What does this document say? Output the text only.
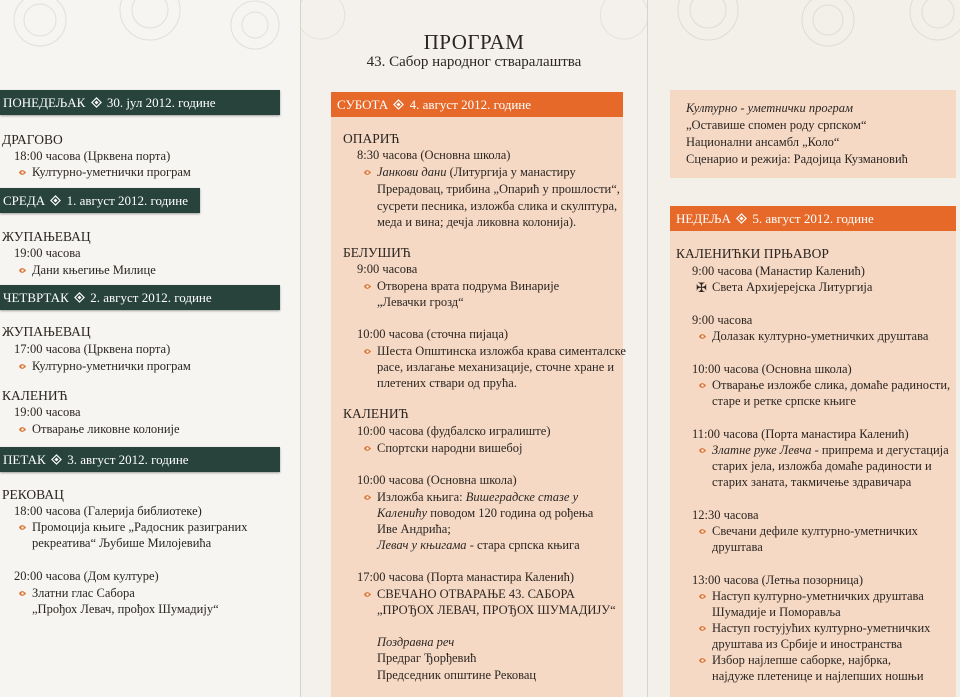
ПОНЕДЕЉАК 30. јул 2012. године
ДРАГОВО
18:00 часова (Црквена порта)
Културно-уметнички програм
СРЕДА 1. август 2012. године
ЖУПАЊЕВАЦ
19:00 часова
Дани књегиње Милице
ЧЕТВРТАК 2. август 2012. године
ЖУПАЊЕВАЦ
17:00 часова (Црквена порта)
Културно-уметнички програм
КАЛЕНИЋ
19:00 часова
Отварање ликовне колоније
ПЕТАК 3. август 2012. године
РЕКОВАЦ
18:00 часова (Галерија библиотеке)
Промоција књиге „Радосник разиграних
рекреатива“ Љубише Милојевића
20:00 часова (Дом културе)
Златни глас Сабора
„Прођох Левач, прођох Шумадију“
ПРОГРАМ
43. Сабор народног стваралаштва
СУБОТА 4. август 2012. године
ОПАРИЋ
8:30 часова (Основна школа)
Јанкови дани (Литургија у манастиру
Прерадовац, трибина „Опарић у прошлости“,
сусрети песника, изложба слика и скулптура,
меда и вина; дечја ликовна колонија).
БЕЛУШИЋ
9:00 часова
Отворена врата подрума Винарије
„Левачки грозд“
10:00 часова (сточна пијаца)
Шеста Општинска изложба крава сименталске
расе, излагање механизације, сточне хране и
плетених ствари од прућа.
КАЛЕНИЋ
10:00 часова (фудбалско игралиште)
Спортски народни вишебој
10:00 часова (Основна школа)
Изложба књига: Вишеградске стазе у
Каленићу поводом 120 година од рођења
Иве Андрића;
Левач у књигама - стара српска књига
17:00 часова (Порта манастира Каленић)
СВЕЧАНО ОТВАРАЊЕ 43. САБОРА
„ПРОЂОХ ЛЕВАЧ, ПРОЂОХ ШУМАДИЈУ“
Поздравна реч
Предраг Ђорђевић
Председник општине Рековац
Културно - уметнички програм
„Оставише спомен роду српском“
Национални ансамбл „Коло“
Сценарио и режија: Радојица Кузмановић
НЕДЕЉА 5. август 2012. године
КАЛЕНИЋКИ ПРЊАВОР
9:00 часова (Манастир Каленић)
✠ Света Архијерејска Литургија
9:00 часова
Долазак културно-уметничких друштава
10:00 часова (Основна школа)
Отварање изложбе слика, домаће радиности,
старе и ретке српске књиге
11:00 часова (Порта манастира Каленић)
Златне руке Левча - припрема и дегустација
старих јела, изложба домаће радиности и
старих заната, такмичење здравичара
12:30 часова
Свечани дефиле културно-уметничких
друштава
13:00 часова (Летња позорница)
Наступ културно-уметничких друштава
Шумадије и Поморавља
Наступ гостујућих културно-уметничких
друштава из Србије и иностранства
Избор најлепше саборке, најбрка,
најдуже плетенице и најлепших ношњи
